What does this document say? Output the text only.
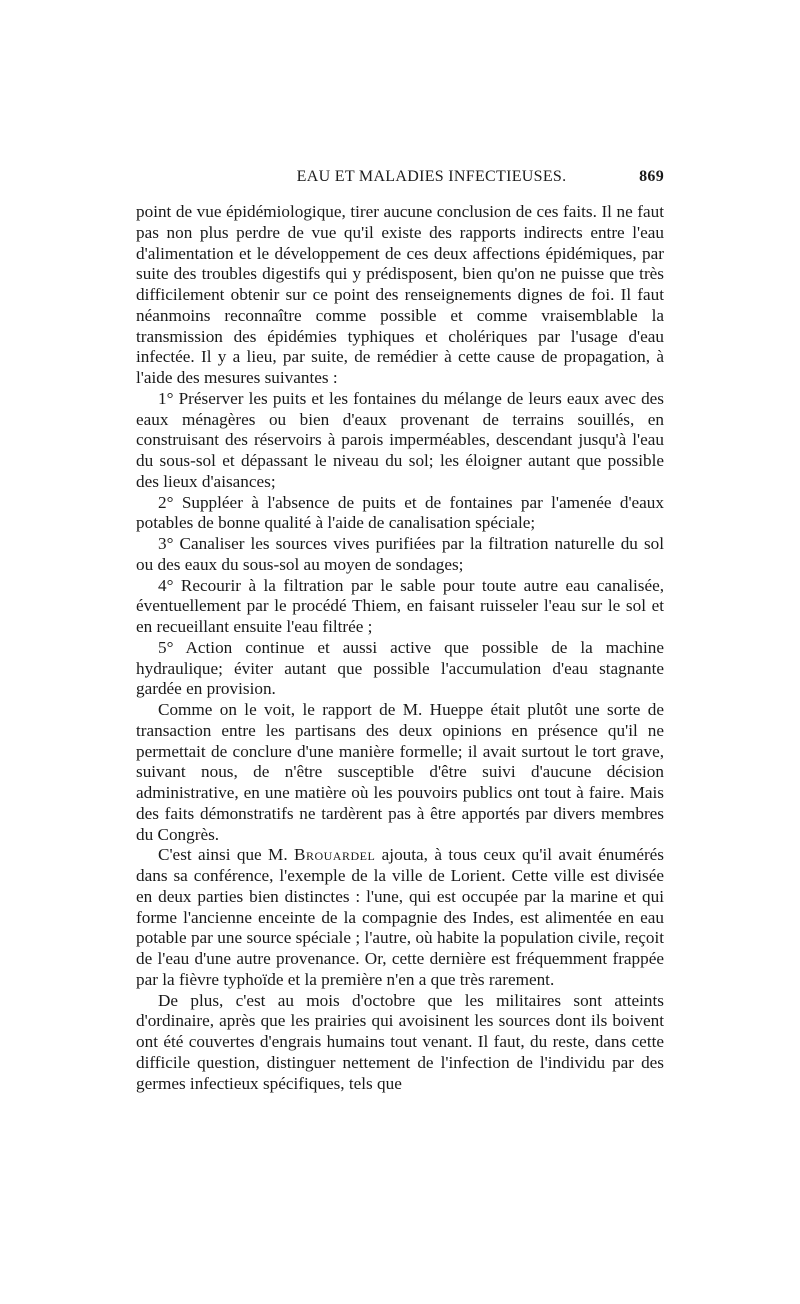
EAU ET MALADIES INFECTIEUSES.	869

point de vue épidémiologique, tirer aucune conclusion de ces faits. Il ne faut pas non plus perdre de vue qu'il existe des rapports indirects entre l'eau d'alimentation et le développement de ces deux affections épidémiques, par suite des troubles digestifs qui y prédisposent, bien qu'on ne puisse que très difficilement obtenir sur ce point des renseignements dignes de foi. Il faut néanmoins reconnaître comme possible et comme vraisemblable la transmission des épidémies typhiques et cholériques par l'usage d'eau infectée. Il y a lieu, par suite, de remédier à cette cause de propagation, à l'aide des mesures suivantes :

1° Préserver les puits et les fontaines du mélange de leurs eaux avec des eaux ménagères ou bien d'eaux provenant de terrains souillés, en construisant des réservoirs à parois imperméables, descendant jusqu'à l'eau du sous-sol et dépassant le niveau du sol; les éloigner autant que possible des lieux d'aisances;

2° Suppléer à l'absence de puits et de fontaines par l'amenée d'eaux potables de bonne qualité à l'aide de canalisation spéciale;

3° Canaliser les sources vives purifiées par la filtration naturelle du sol ou des eaux du sous-sol au moyen de sondages;

4° Recourir à la filtration par le sable pour toute autre eau canalisée, éventuellement par le procédé Thiem, en faisant ruisseler l'eau sur le sol et en recueillant ensuite l'eau filtrée ;

5° Action continue et aussi active que possible de la machine hydraulique; éviter autant que possible l'accumulation d'eau stagnante gardée en provision.

Comme on le voit, le rapport de M. Hueppe était plutôt une sorte de transaction entre les partisans des deux opinions en présence qu'il ne permettait de conclure d'une manière formelle; il avait surtout le tort grave, suivant nous, de n'être susceptible d'être suivi d'aucune décision administrative, en une matière où les pouvoirs publics ont tout à faire. Mais des faits démonstratifs ne tardèrent pas à être apportés par divers membres du Congrès.

C'est ainsi que M. Brouardel ajouta, à tous ceux qu'il avait énumérés dans sa conférence, l'exemple de la ville de Lorient. Cette ville est divisée en deux parties bien distinctes : l'une, qui est occupée par la marine et qui forme l'ancienne enceinte de la compagnie des Indes, est alimentée en eau potable par une source spéciale ; l'autre, où habite la population civile, reçoit de l'eau d'une autre provenance. Or, cette dernière est fréquemment frappée par la fièvre typhoïde et la première n'en a que très rarement.

De plus, c'est au mois d'octobre que les militaires sont atteints d'ordinaire, après que les prairies qui avoisinent les sources dont ils boivent ont été couvertes d'engrais humains tout venant. Il faut, du reste, dans cette difficile question, distinguer nettement de l'infection de l'individu par des germes infectieux spécifiques, tels que
